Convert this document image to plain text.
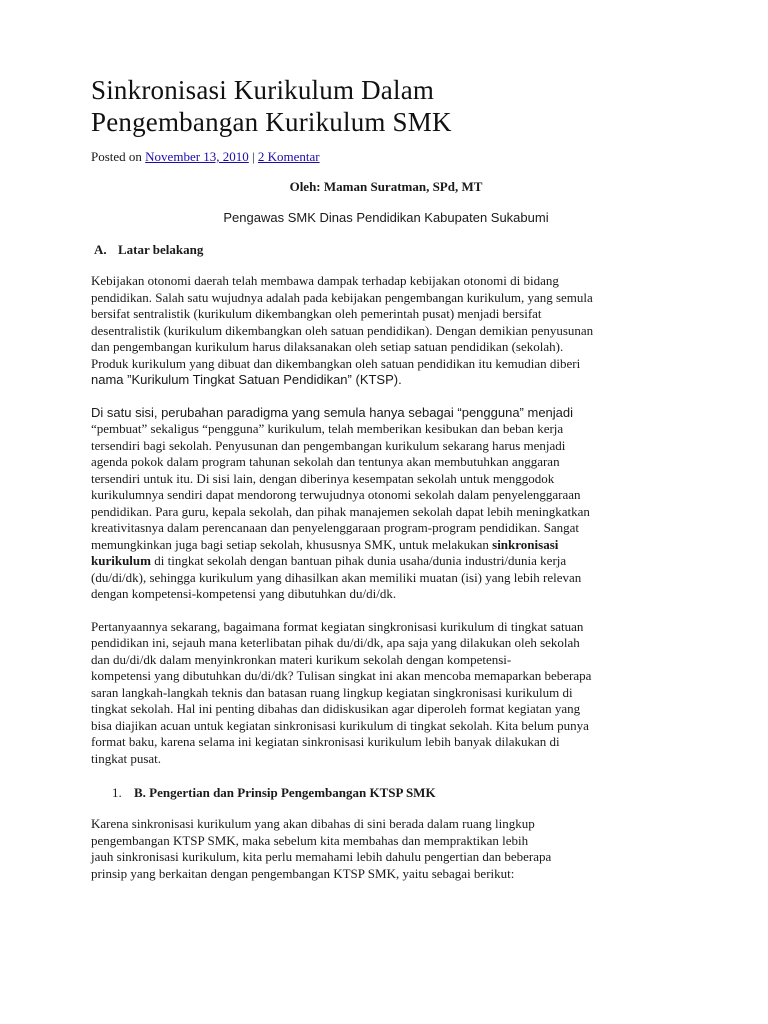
Sinkronisasi Kurikulum Dalam
Pengembangan Kurikulum SMK
Posted on November 13, 2010 | 2 Komentar
Oleh: Maman Suratman, SPd, MT
Pengawas SMK Dinas Pendidikan Kabupaten Sukabumi
A. Latar belakang
Kebijakan otonomi daerah telah membawa dampak terhadap kebijakan otonomi di bidang
pendidikan. Salah satu wujudnya adalah pada kebijakan pengembangan kurikulum, yang semula
bersifat sentralistik (kurikulum dikembangkan oleh pemerintah pusat) menjadi bersifat
desentralistik (kurikulum dikembangkan oleh satuan pendidikan). Dengan demikian penyusunan
dan pengembangan kurikulum harus dilaksanakan oleh setiap satuan pendidikan (sekolah).
Produk kurikulum yang dibuat dan dikembangkan oleh satuan pendidikan itu kemudian diberi
nama ”Kurikulum Tingkat Satuan Pendidikan” (KTSP).
Di satu sisi, perubahan paradigma yang semula hanya sebagai “pengguna” menjadi
“pembuat” sekaligus “pengguna” kurikulum, telah memberikan kesibukan dan beban kerja
tersendiri bagi sekolah. Penyusunan dan pengembangan kurikulum sekarang harus menjadi
agenda pokok dalam program tahunan sekolah dan tentunya akan membutuhkan anggaran
tersendiri untuk itu. Di sisi lain, dengan diberinya kesempatan sekolah untuk menggodok
kurikulumnya sendiri dapat mendorong terwujudnya otonomi sekolah dalam penyelenggaraan
pendidikan. Para guru, kepala sekolah, dan pihak manajemen sekolah dapat lebih meningkatkan
kreativitasnya dalam perencanaan dan penyelenggaraan program-program pendidikan. Sangat
memungkinkan juga bagi setiap sekolah, khususnya SMK, untuk melakukan sinkronisasi
kurikulum di tingkat sekolah dengan bantuan pihak dunia usaha/dunia industri/dunia kerja
(du/di/dk), sehingga kurikulum yang dihasilkan akan memiliki muatan (isi) yang lebih relevan
dengan kompetensi-kompetensi yang dibutuhkan du/di/dk.
Pertanyaannya sekarang, bagaimana format kegiatan singkronisasi kurikulum di tingkat satuan
pendidikan ini, sejauh mana keterlibatan pihak du/di/dk, apa saja yang dilakukan oleh sekolah
dan du/di/dk dalam menyinkronkan materi kurikum sekolah dengan kompetensi-
kompetensi yang dibutuhkan du/di/dk? Tulisan singkat ini akan mencoba memaparkan beberapa
saran langkah-langkah teknis dan batasan ruang lingkup kegiatan singkronisasi kurikulum di
tingkat sekolah. Hal ini penting dibahas dan didiskusikan agar diperoleh format kegiatan yang
bisa diajikan acuan untuk kegiatan sinkronisasi kurikulum di tingkat sekolah. Kita belum punya
format baku, karena selama ini kegiatan sinkronisasi kurikulum lebih banyak dilakukan di
tingkat pusat.
1. B. Pengertian dan Prinsip Pengembangan KTSP SMK
Karena sinkronisasi kurikulum yang akan dibahas di sini berada dalam ruang lingkup
pengembangan KTSP SMK, maka sebelum kita membahas dan mempraktikan lebih
jauh sinkronisasi kurikulum, kita perlu memahami lebih dahulu pengertian dan beberapa
prinsip yang berkaitan dengan pengembangan KTSP SMK, yaitu sebagai berikut:
